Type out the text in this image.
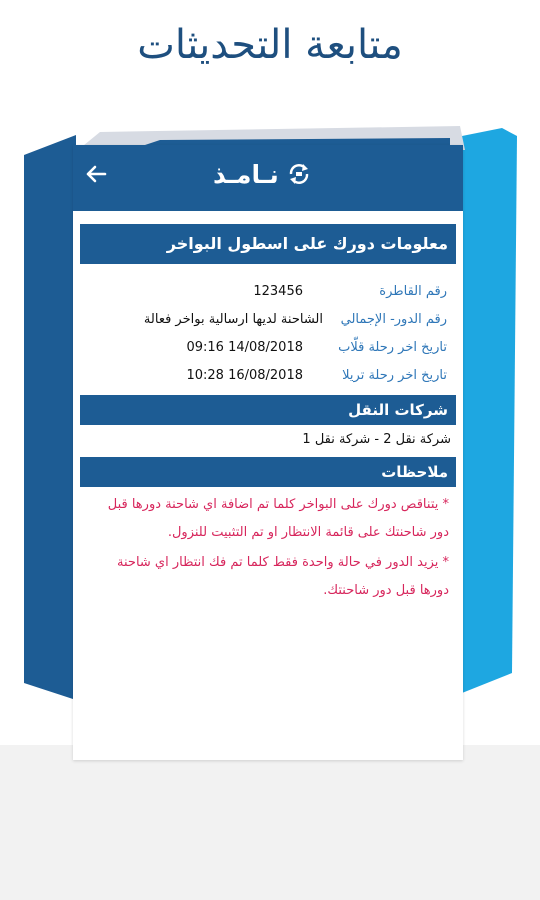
متابعة التحديثات
نـامـذ
معلومات دورك على اسطول البواخر
رقم القاطرة
123456
رقم الدور- الإجمالي
الشاحنة لديها ارسالية بواخر فعالة
تاريخ اخر رحلة قلّاب
14/08/2018 09:16
تاريخ اخر رحلة تريلا
16/08/2018 10:28
شركات النقل
شركة نقل 2 - شركة نقل 1
ملاحظات
* يتناقص دورك على البواخر كلما تم اضافة اي شاحنة دورها قبل دور شاحنتك على قائمة الانتظار او تم التثبيت للنزول.
* يزيد الدور في حالة واحدة فقط كلما تم فك انتظار اي شاحنة دورها قبل دور شاحنتك.
